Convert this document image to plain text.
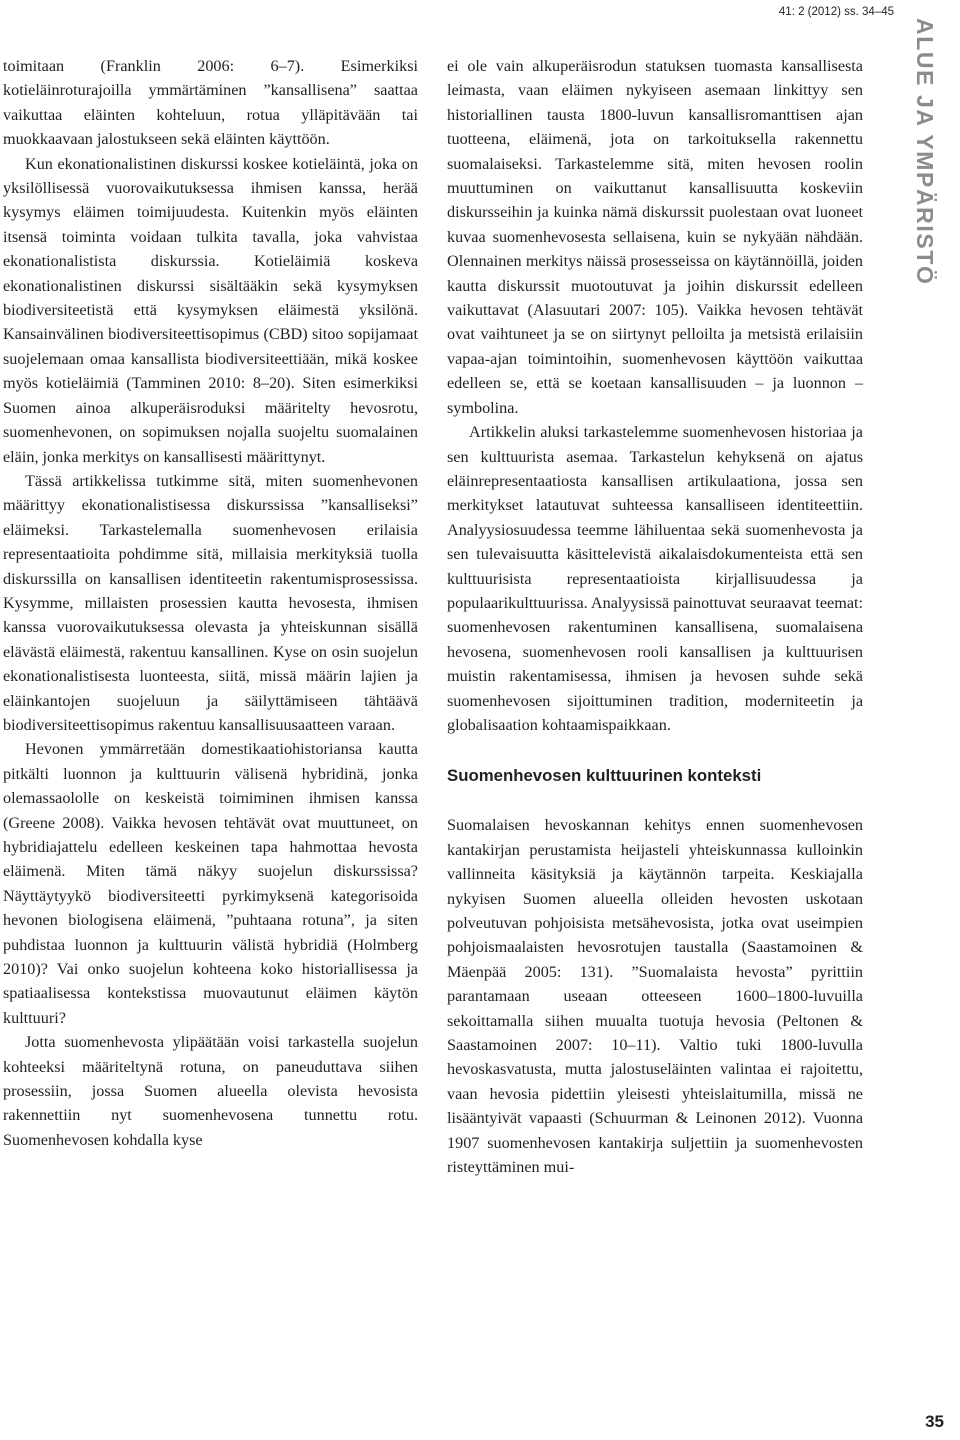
41: 2 (2012) ss. 34–45
ALUE JA YMPÄRISTÖ

toimitaan (Franklin 2006: 6–7). Esimerkiksi kotieläinroturajoilla ymmärtäminen ”kansallisena” saattaa vaikuttaa eläinten kohteluun, rotua ylläpitävään tai muokkaavaan jalostukseen sekä eläinten käyttöön.

Kun ekonationalistinen diskurssi koskee kotieläintä, joka on yksilöllisessä vuorovaikutuksessa ihmisen kanssa, herää kysymys eläimen toimijuudesta. Kuitenkin myös eläinten itsensä toiminta voidaan tulkita tavalla, joka vahvistaa ekonationalistista diskurssia. Kotieläimiä koskeva ekonationalistinen diskurssi sisältääkin sekä kysymyksen biodiversiteetistä että kysymyksen eläimestä yksilönä. Kansainvälinen biodiversiteettisopimus (CBD) sitoo sopijamaat suojelemaan omaa kansallista biodiversiteettiään, mikä koskee myös kotieläimiä (Tamminen 2010: 8–20). Siten esimerkiksi Suomen ainoa alkuperäisroduksi määritelty hevosrotu, suomenhevonen, on sopimuksen nojalla suojeltu suomalainen eläin, jonka merkitys on kansallisesti määrittynyt.

Tässä artikkelissa tutkimme sitä, miten suomenhevonen määrittyy ekonationalistisessa diskurssissa ”kansalliseksi” eläimeksi. Tarkastelemalla suomenhevosen erilaisia representaatioita pohdimme sitä, millaisia merkityksiä tuolla diskurssilla on kansallisen identiteetin rakentumisprosessissa. Kysymme, millaisten prosessien kautta hevosesta, ihmisen kanssa vuorovaikutuksessa olevasta ja yhteiskunnan sisällä elävästä eläimestä, rakentuu kansallinen. Kyse on osin suojelun ekonationalistisesta luonteesta, siitä, missä määrin lajien ja eläinkantojen suojeluun ja säilyttämiseen tähtäävä biodiversiteettisopimus rakentuu kansallisuusaatteen varaan.

Hevonen ymmärretään domestikaatiohistoriansa kautta pitkälti luonnon ja kulttuurin välisenä hybridinä, jonka olemassaololle on keskeistä toimiminen ihmisen kanssa (Greene 2008). Vaikka hevosen tehtävät ovat muuttuneet, on hybridiajattelu edelleen keskeinen tapa hahmottaa hevosta eläimenä. Miten tämä näkyy suojelun diskurssissa? Näyttäytyykö biodiversiteetti pyrkimyksenä kategorisoida hevonen biologisena eläimenä, ”puhtaana rotuna”, ja siten puhdistaa luonnon ja kulttuurin välistä hybridiä (Holmberg 2010)? Vai onko suojelun kohteena koko historiallisessa ja spatiaalisessa kontekstissa muovautunut eläimen käytön kulttuuri?

Jotta suomenhevosta ylipäätään voisi tarkastella suojelun kohteeksi määriteltynä rotuna, on paneuduttava siihen prosessiin, jossa Suomen alueella olevista hevosista rakennettiin nyt suomenhevosena tunnettu rotu. Suomenhevosen kohdalla kyse

ei ole vain alkuperäisrodun statuksen tuomasta kansallisesta leimasta, vaan eläimen nykyiseen asemaan linkittyy sen historiallinen tausta 1800-luvun kansallisromanttisen ajan tuotteena, eläimenä, jota on tarkoituksella rakennettu suomalaiseksi. Tarkastelemme sitä, miten hevosen roolin muuttuminen on vaikuttanut kansallisuutta koskeviin diskursseihin ja kuinka nämä diskurssit puolestaan ovat luoneet kuvaa suomenhevosesta sellaisena, kuin se nykyään nähdään. Olennainen merkitys näissä prosesseissa on käytännöillä, joiden kautta diskurssit muotoutuvat ja joihin diskurssit edelleen vaikuttavat (Alasuutari 2007: 105). Vaikka hevosen tehtävät ovat vaihtuneet ja se on siirtynyt pelloilta ja metsistä erilaisiin vapaa-ajan toimintoihin, suomenhevosen käyttöön vaikuttaa edelleen se, että se koetaan kansallisuuden – ja luonnon – symbolina.

Artikkelin aluksi tarkastelemme suomenhevosen historiaa ja sen kulttuurista asemaa. Tarkastelun kehyksenä on ajatus eläinrepresentaatiosta kansallisen artikulaationa, jossa sen merkitykset latautuvat suhteessa kansalliseen identiteettiin. Analyysiosuudessa teemme lähiluentaa sekä suomenhevosta ja sen tulevaisuutta käsittelevistä aikalaisdokumenteista että sen kulttuurisista representaatioista kirjallisuudessa ja populaarikulttuurissa. Analyysissä painottuvat seuraavat teemat: suomenhevosen rakentuminen kansallisena, suomalaisena hevosena, suomenhevosen rooli kansallisen ja kulttuurisen muistin rakentamisessa, ihmisen ja hevosen suhde sekä suomenhevosen sijoittuminen tradition, moderniteetin ja globalisaation kohtaamispaikkaan.

Suomenhevosen kulttuurinen konteksti

Suomalaisen hevoskannan kehitys ennen suomenhevosen kantakirjan perustamista heijasteli yhteiskunnassa kulloinkin vallinneita käsityksiä ja käytännön tarpeita. Keskiajalla nykyisen Suomen alueella olleiden hevosten uskotaan polveutuvan pohjoisista metsähevosista, jotka ovat useimpien pohjoismaalaisten hevosrotujen taustalla (Saastamoinen & Mäenpää 2005: 131). ”Suomalaista hevosta” pyrittiin parantamaan useaan otteeseen 1600–1800-luvuilla sekoittamalla siihen muualta tuotuja hevosia (Peltonen & Saastamoinen 2007: 10–11). Valtio tuki 1800-luvulla hevoskasvatusta, mutta jalostuseläinten valintaa ei rajoitettu, vaan hevosia pidettiin yleisesti yhteislaitumilla, missä ne lisääntyivät vapaasti (Schuurman & Leinonen 2012). Vuonna 1907 suomenhevosen kantakirja suljettiin ja suomenhevosten risteyttäminen mui-

35
